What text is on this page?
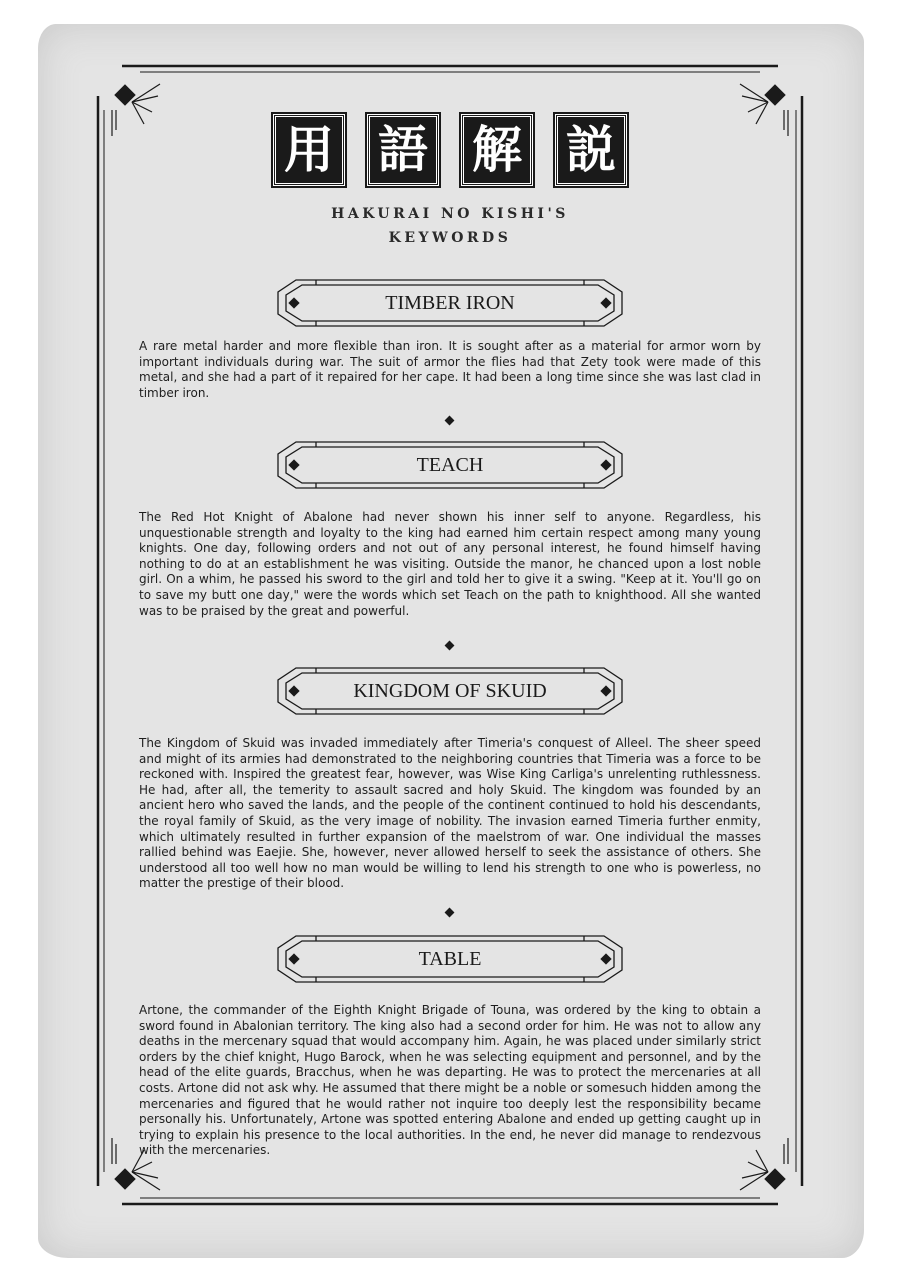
用 語 解 説
HAKURAI NO KISHI'S
KEYWORDS
TIMBER IRON

A rare metal harder and more flexible than iron. It is sought after as a material for armor worn by important individuals during war. The suit of armor the flies had that Zety took were made of this metal, and she had a part of it repaired for her cape. It had been a long time since she was last clad in timber iron.

TEACH

The Red Hot Knight of Abalone had never shown his inner self to anyone. Regardless, his unquestionable strength and loyalty to the king had earned him certain respect among many young knights. One day, following orders and not out of any personal interest, he found himself having nothing to do at an establishment he was visiting. Outside the manor, he chanced upon a lost noble girl. On a whim, he passed his sword to the girl and told her to give it a swing. "Keep at it. You'll go on to save my butt one day," were the words which set Teach on the path to knighthood. All she wanted was to be praised by the great and powerful.

KINGDOM OF SKUID

The Kingdom of Skuid was invaded immediately after Timeria's conquest of Alleel. The sheer speed and might of its armies had demonstrated to the neighboring countries that Timeria was a force to be reckoned with. Inspired the greatest fear, however, was Wise King Carliga's unrelenting ruthlessness. He had, after all, the temerity to assault sacred and holy Skuid. The kingdom was founded by an ancient hero who saved the lands, and the people of the continent continued to hold his descendants, the royal family of Skuid, as the very image of nobility. The invasion earned Timeria further enmity, which ultimately resulted in further expansion of the maelstrom of war. One individual the masses rallied behind was Eaejie. She, however, never allowed herself to seek the assistance of others. She understood all too well how no man would be willing to lend his strength to one who is powerless, no matter the prestige of their blood.

TABLE

Artone, the commander of the Eighth Knight Brigade of Touna, was ordered by the king to obtain a sword found in Abalonian territory. The king also had a second order for him. He was not to allow any deaths in the mercenary squad that would accompany him. Again, he was placed under similarly strict orders by the chief knight, Hugo Barock, when he was selecting equipment and personnel, and by the head of the elite guards, Bracchus, when he was departing. He was to protect the mercenaries at all costs. Artone did not ask why. He assumed that there might be a noble or somesuch hidden among the mercenaries and figured that he would rather not inquire too deeply lest the responsibility became personally his. Unfortunately, Artone was spotted entering Abalone and ended up getting caught up in trying to explain his presence to the local authorities. In the end, he never did manage to rendezvous with the mercenaries.
